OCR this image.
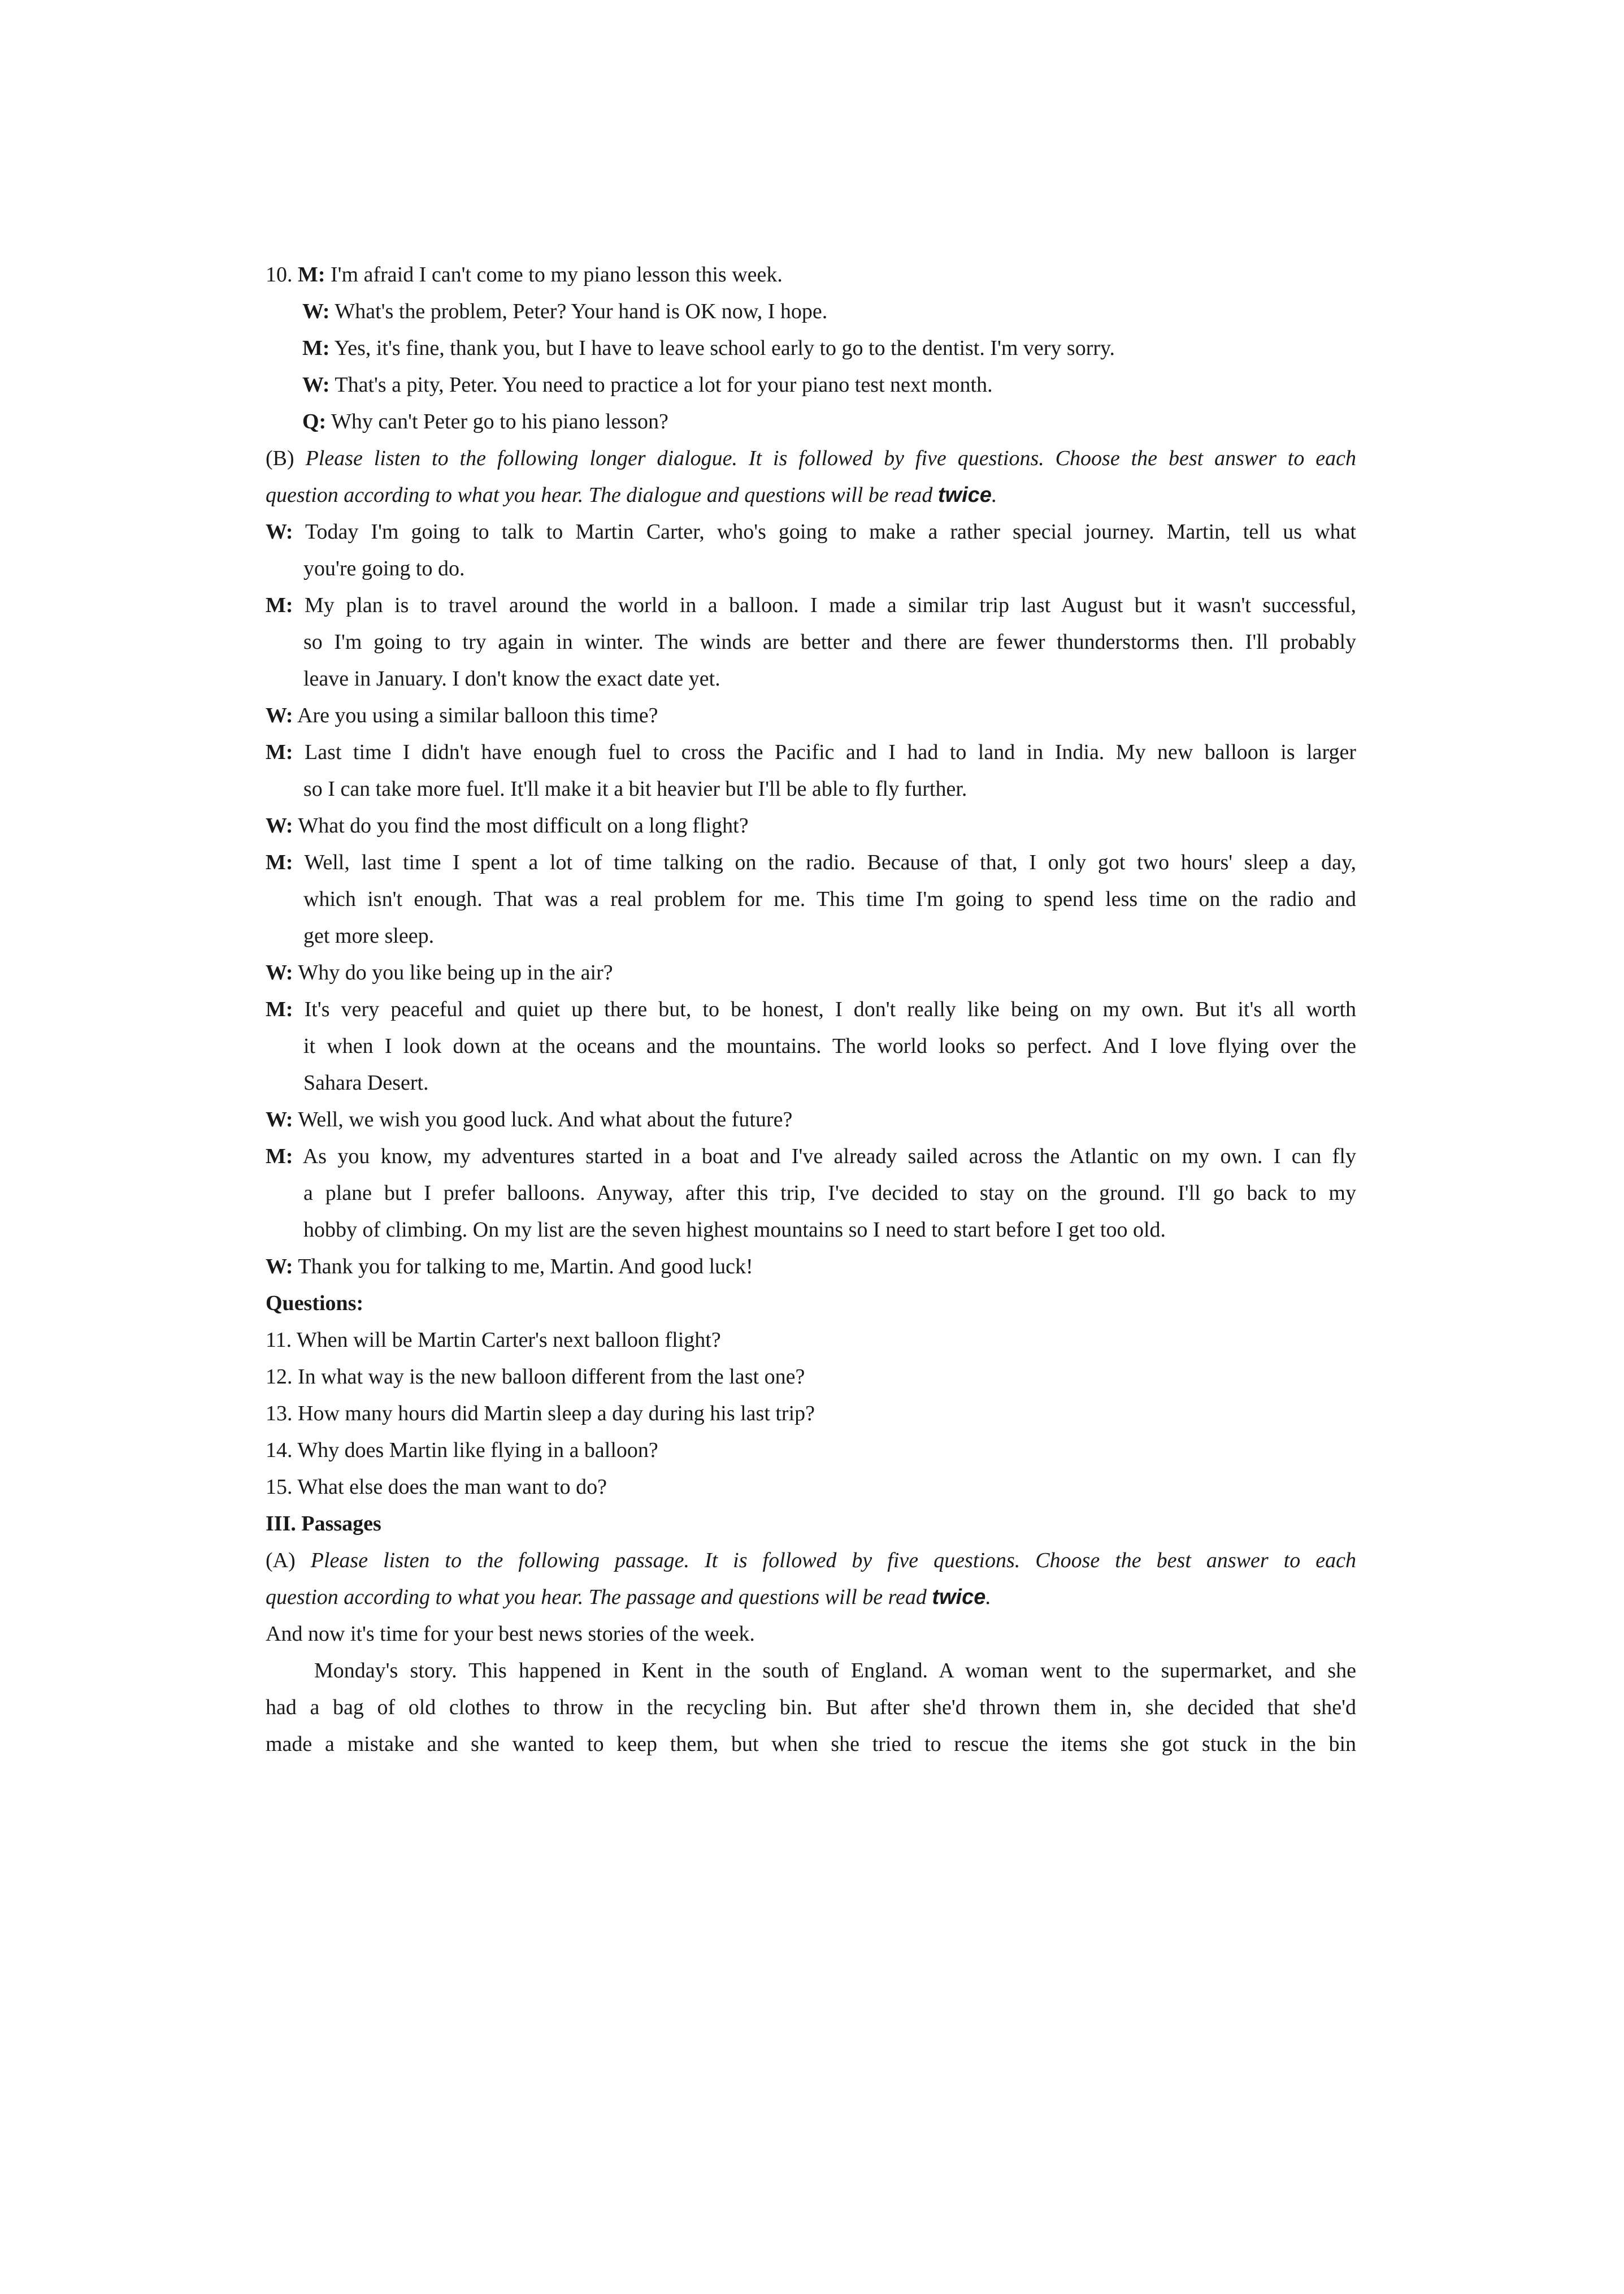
10. M: I'm afraid I can't come to my piano lesson this week.
W: What's the problem, Peter? Your hand is OK now, I hope.
M: Yes, it's fine, thank you, but I have to leave school early to go to the dentist. I'm very sorry.
W: That's a pity, Peter. You need to practice a lot for your piano test next month.
Q: Why can't Peter go to his piano lesson?
(B) Please listen to the following longer dialogue. It is followed by five questions. Choose the best answer to each
question according to what you hear. The dialogue and questions will be read twice.
W: Today I'm going to talk to Martin Carter, who's going to make a rather special journey. Martin, tell us what
you're going to do.
M: My plan is to travel around the world in a balloon. I made a similar trip last August but it wasn't successful,
so I'm going to try again in winter. The winds are better and there are fewer thunderstorms then. I'll probably
leave in January. I don't know the exact date yet.
W: Are you using a similar balloon this time?
M: Last time I didn't have enough fuel to cross the Pacific and I had to land in India. My new balloon is larger
so I can take more fuel. It'll make it a bit heavier but I'll be able to fly further.
W: What do you find the most difficult on a long flight?
M: Well, last time I spent a lot of time talking on the radio. Because of that, I only got two hours' sleep a day,
which isn't enough. That was a real problem for me. This time I'm going to spend less time on the radio and
get more sleep.
W: Why do you like being up in the air?
M: It's very peaceful and quiet up there but, to be honest, I don't really like being on my own. But it's all worth
it when I look down at the oceans and the mountains. The world looks so perfect. And I love flying over the
Sahara Desert.
W: Well, we wish you good luck. And what about the future?
M: As you know, my adventures started in a boat and I've already sailed across the Atlantic on my own. I can fly
a plane but I prefer balloons. Anyway, after this trip, I've decided to stay on the ground. I'll go back to my
hobby of climbing. On my list are the seven highest mountains so I need to start before I get too old.
W: Thank you for talking to me, Martin. And good luck!
Questions:
11. When will be Martin Carter's next balloon flight?
12. In what way is the new balloon different from the last one?
13. How many hours did Martin sleep a day during his last trip?
14. Why does Martin like flying in a balloon?
15. What else does the man want to do?
III. Passages
(A) Please listen to the following passage. It is followed by five questions. Choose the best answer to each
question according to what you hear. The passage and questions will be read twice.
And now it's time for your best news stories of the week.
Monday's story. This happened in Kent in the south of England. A woman went to the supermarket, and she
had a bag of old clothes to throw in the recycling bin. But after she'd thrown them in, she decided that she'd
made a mistake and she wanted to keep them, but when she tried to rescue the items she got stuck in the bin
